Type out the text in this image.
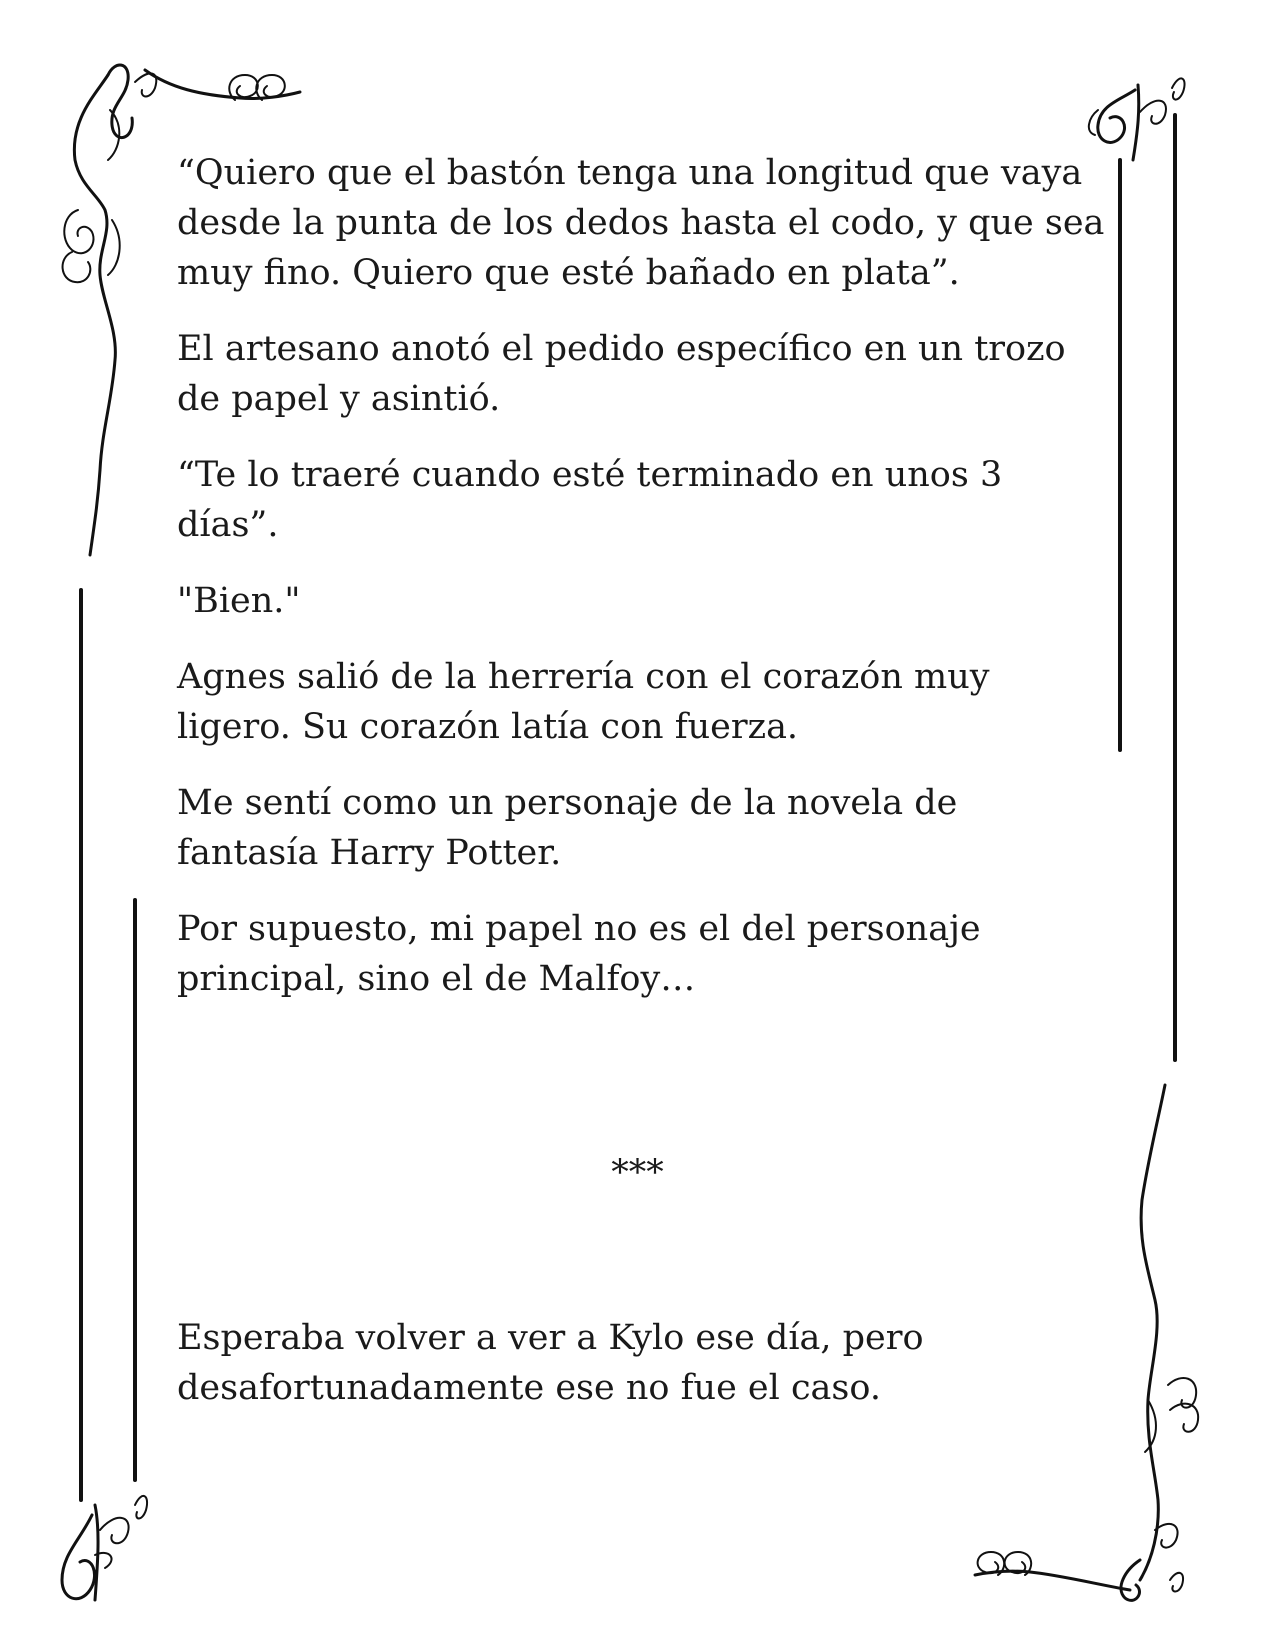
“Quiero que el bastón tenga una longitud que vaya desde la punta de los dedos hasta el codo, y que sea muy fino. Quiero que esté bañado en plata”.

El artesano anotó el pedido específico en un trozo de papel y asintió.

“Te lo traeré cuando esté terminado en unos 3 días”.

"Bien."

Agnes salió de la herrería con el corazón muy ligero. Su corazón latía con fuerza.

Me sentí como un personaje de la novela de fantasía Harry Potter.

Por supuesto, mi papel no es el del personaje principal, sino el de Malfoy…

***

Esperaba volver a ver a Kylo ese día, pero desafortunadamente ese no fue el caso.
